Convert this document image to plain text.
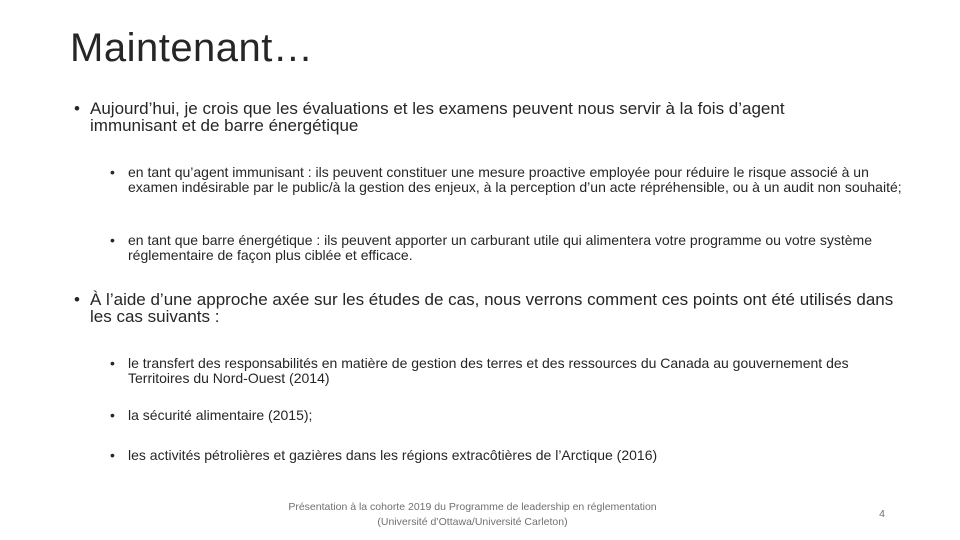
Maintenant…
• Aujourd’hui, je crois que les évaluations et les examens peuvent nous servir à la fois d’agent immunisant et de barre énergétique
• en tant qu’agent immunisant : ils peuvent constituer une mesure proactive employée pour réduire le risque associé à un examen indésirable par le public/à la gestion des enjeux, à la perception d’un acte répréhensible, ou à un audit non souhaité;
• en tant que barre énergétique : ils peuvent apporter un carburant utile qui alimentera votre programme ou votre système réglementaire de façon plus ciblée et efficace.
• À l’aide d’une approche axée sur les études de cas, nous verrons comment ces points ont été utilisés dans les cas suivants :
• le transfert des responsabilités en matière de gestion des terres et des ressources du Canada au gouvernement des Territoires du Nord-Ouest (2014)
• la sécurité alimentaire (2015);
• les activités pétrolières et gazières dans les régions extracôtières de l’Arctique (2016)
Présentation à la cohorte 2019 du Programme de leadership en réglementation
(Université d’Ottawa/Université Carleton)
4
